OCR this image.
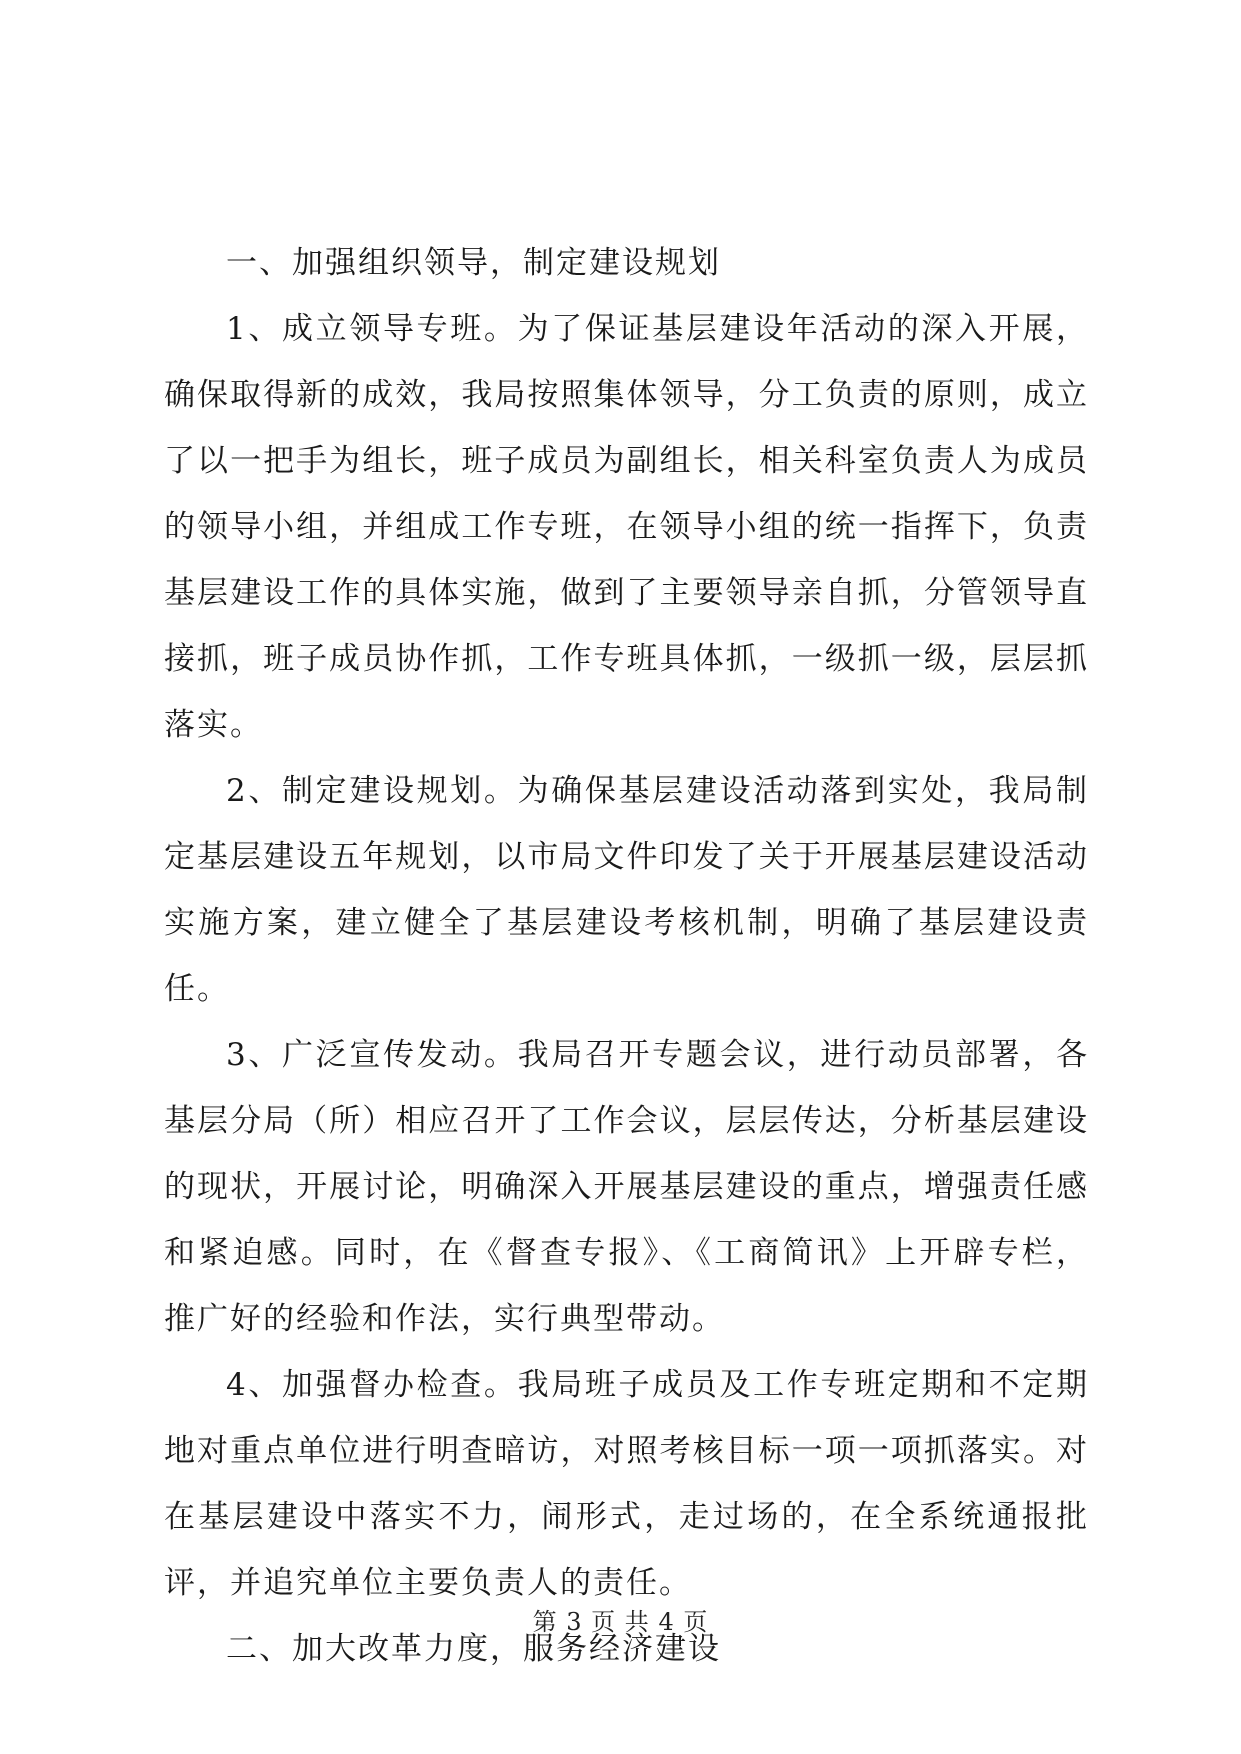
一、加强组织领导，制定建设规划

1、成立领导专班。为了保证基层建设年活动的深入开展，确保取得新的成效，我局按照集体领导，分工负责的原则，成立了以一把手为组长，班子成员为副组长，相关科室负责人为成员的领导小组，并组成工作专班，在领导小组的统一指挥下，负责基层建设工作的具体实施，做到了主要领导亲自抓，分管领导直接抓，班子成员协作抓，工作专班具体抓，一级抓一级，层层抓落实。

2、制定建设规划。为确保基层建设活动落到实处，我局制定基层建设五年规划，以市局文件印发了关于开展基层建设活动实施方案，建立健全了基层建设考核机制，明确了基层建设责任。

3、广泛宣传发动。我局召开专题会议，进行动员部署，各基层分局（所）相应召开了工作会议，层层传达，分析基层建设的现状，开展讨论，明确深入开展基层建设的重点，增强责任感和紧迫感。同时，在《督查专报》、《工商简讯》上开辟专栏，推广好的经验和作法，实行典型带动。

4、加强督办检查。我局班子成员及工作专班定期和不定期地对重点单位进行明查暗访，对照考核目标一项一项抓落实。对在基层建设中落实不力，闹形式，走过场的，在全系统通报批评，并追究单位主要负责人的责任。

二、加大改革力度，服务经济建设

第 3 页 共 4 页
